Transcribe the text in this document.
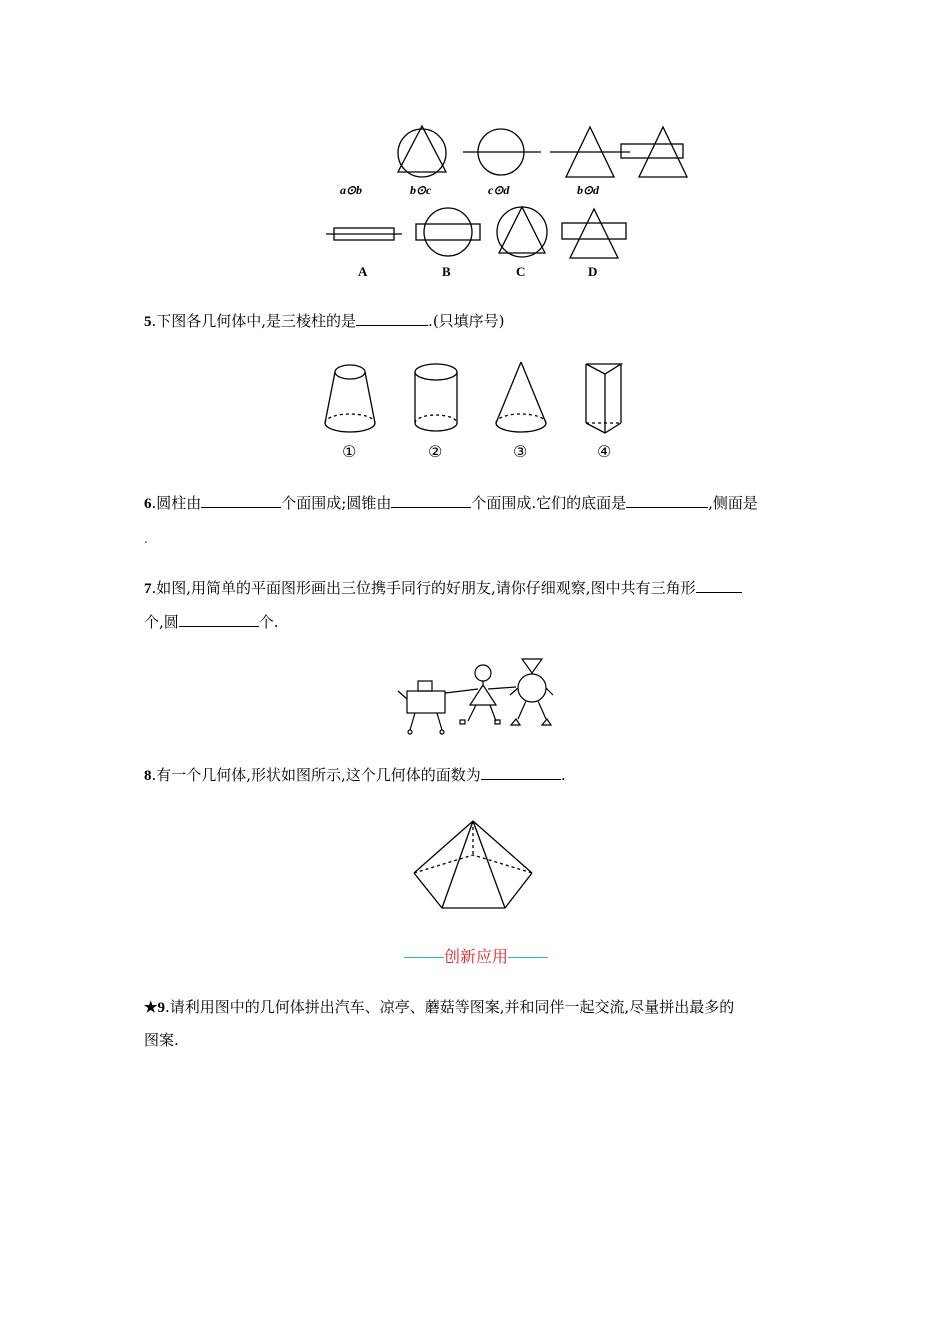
a⊙b	b⊙c	c⊙d	b⊙d
A	B	C	D
5.下图各几何体中,是三棱柱的是	.(只填序号)
①	②	③	④
6.圆柱由	个面围成;圆锥由	个面围成.它们的底面是	,侧面是
.
7.如图,用简单的平面图形画出三位携手同行的好朋友,请你仔细观察,图中共有三角形
个,圆	个.
8.有一个几何体,形状如图所示,这个几何体的面数为	.
创新应用
★9.请利用图中的几何体拼出汽车、凉亭、蘑菇等图案,并和同伴一起交流,尽量拼出最多的
图案.
